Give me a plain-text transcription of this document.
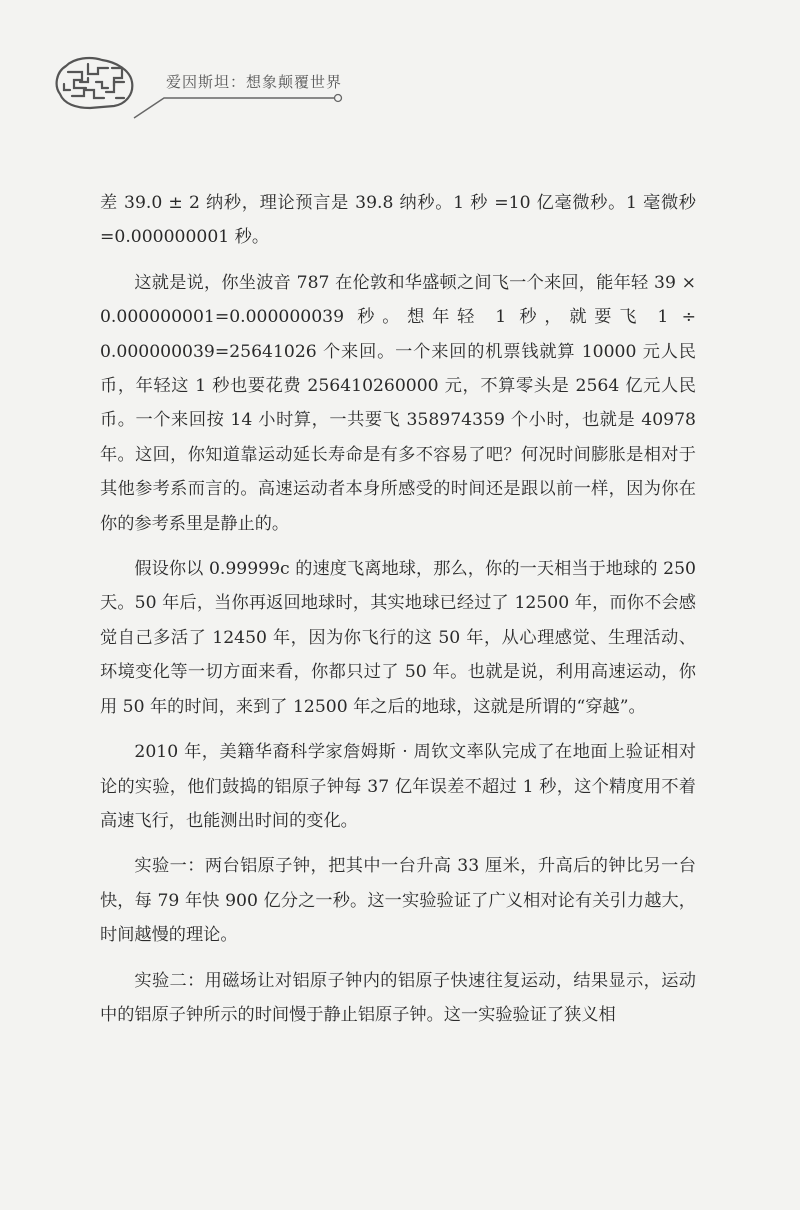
爱因斯坦：想象颠覆世界

差 39.0 ± 2 纳秒，理论预言是 39.8 纳秒。1 秒 =10 亿毫微秒。1 毫微秒 =0.000000001 秒。

这就是说，你坐波音 787 在伦敦和华盛顿之间飞一个来回，能年轻 39 × 0.000000001=0.000000039 秒。想年轻 1 秒，就要飞 1 ÷ 0.000000039=25641026 个来回。一个来回的机票钱就算 10000 元人民币，年轻这 1 秒也要花费 256410260000 元，不算零头是 2564 亿元人民币。一个来回按 14 小时算，一共要飞 358974359 个小时，也就是 40978 年。这回，你知道靠运动延长寿命是有多不容易了吧？何况时间膨胀是相对于其他参考系而言的。高速运动者本身所感受的时间还是跟以前一样，因为你在你的参考系里是静止的。

假设你以 0.99999c 的速度飞离地球，那么，你的一天相当于地球的 250 天。50 年后，当你再返回地球时，其实地球已经过了 12500 年，而你不会感觉自己多活了 12450 年，因为你飞行的这 50 年，从心理感觉、生理活动、环境变化等一切方面来看，你都只过了 50 年。也就是说，利用高速运动，你用 50 年的时间，来到了 12500 年之后的地球，这就是所谓的“穿越”。

2010 年，美籍华裔科学家詹姆斯 · 周钦文率队完成了在地面上验证相对论的实验，他们鼓捣的铝原子钟每 37 亿年误差不超过 1 秒，这个精度用不着高速飞行，也能测出时间的变化。

实验一：两台铝原子钟，把其中一台升高 33 厘米，升高后的钟比另一台快，每 79 年快 900 亿分之一秒。这一实验验证了广义相对论有关引力越大，时间越慢的理论。

实验二：用磁场让对铝原子钟内的铝原子快速往复运动，结果显示，运动中的铝原子钟所示的时间慢于静止铝原子钟。这一实验验证了狭义相
